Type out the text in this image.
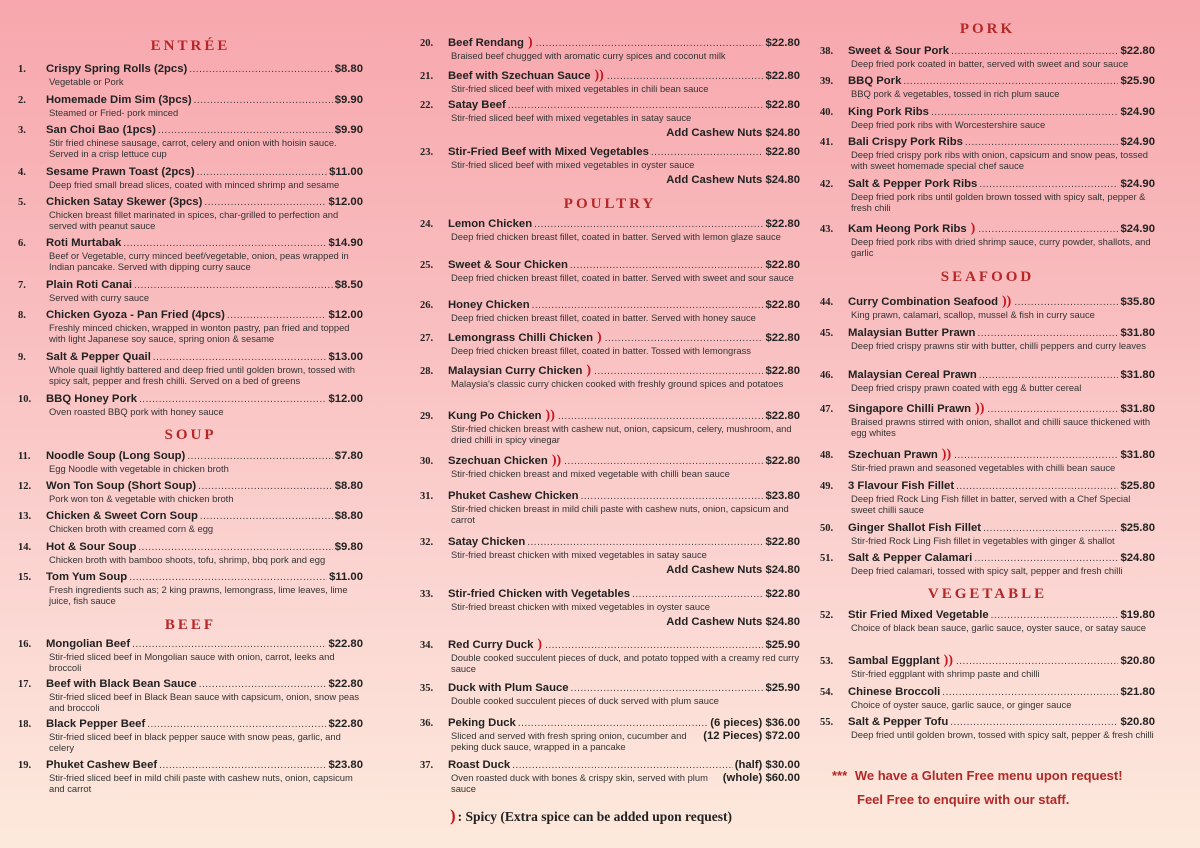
ENTRÉE
1.	Crispy Spring Rolls (2pcs) .....	$8.80
Vegetable or Pork
2.	Homemade Dim Sim (3pcs) .....	$9.90
Steamed or Fried- pork minced
3.	San Choi Bao (1pcs) .....	$9.90
Stir fried chinese sausage, carrot, celery and onion with hoisin sauce. Served in a crisp lettuce cup
4.	Sesame Prawn Toast (2pcs) .....	$11.00
Deep fried small bread slices, coated with minced shrimp and sesame
5.	Chicken Satay Skewer (3pcs) .....	$12.00
Chicken breast fillet marinated in spices, char-grilled to perfection and served with peanut sauce
6.	Roti Murtabak .....	$14.90
Beef or Vegetable, curry minced beef/vegetable, onion, peas wrapped in Indian pancake. Served with dipping curry sauce
7.	Plain Roti Canai .....	$8.50
Served with curry sauce
8.	Chicken Gyoza - Pan Fried (4pcs) .....	$12.00
Freshly minced chicken, wrapped in wonton pastry, pan fried and topped with light Japanese soy sauce, spring onion & sesame
9.	Salt & Pepper Quail .....	$13.00
Whole quail lightly battered and deep fried until golden brown, tossed with spicy salt, pepper and fresh chilli. Served on a bed of greens
10.	BBQ Honey Pork .....	$12.00
Oven roasted BBQ pork with honey sauce
SOUP
11.	Noodle Soup (Long Soup) .....	$7.80
Egg Noodle with vegetable in chicken broth
12.	Won Ton Soup (Short Soup) .....	$8.80
Pork won ton & vegetable with chicken broth
13.	Chicken & Sweet Corn Soup .....	$8.80
Chicken broth with creamed corn & egg
14.	Hot & Sour Soup .....	$9.80
Chicken broth with bamboo shoots, tofu, shrimp, bbq pork and egg
15.	Tom Yum Soup .....	$11.00
Fresh ingredients such as; 2 king prawns, lemongrass, lime leaves, lime juice, fish sauce
BEEF
16.	Mongolian Beef .....	$22.80
Stir-fried sliced beef in Mongolian sauce with onion, carrot, leeks and broccoli
17.	Beef with Black Bean Sauce .....	$22.80
Stir-fried sliced beef in Black Bean sauce with capsicum, onion, snow peas and broccoli
18.	Black Pepper Beef .....	$22.80
Stir-fried sliced beef in black pepper sauce with snow peas, garlic, and celery
19.	Phuket Cashew Beef .....	$23.80
Stir-fried sliced beef in mild chili paste with cashew nuts, onion, capsicum and carrot
20.	Beef Rendang ) .....	$22.80
Braised beef chugged with aromatic curry spices and coconut milk
21.	Beef with Szechuan Sauce )) .....	$22.80
Stir-fried sliced beef with mixed vegetables in chili bean sauce
22.	Satay Beef .....	$22.80
Stir-fried sliced beef with mixed vegetables in satay sauce
Add Cashew Nuts $24.80
23.	Stir-Fried Beef with Mixed Vegetables .....	$22.80
Stir-fried sliced beef with mixed vegetables in oyster sauce
Add Cashew Nuts $24.80
POULTRY
24.	Lemon Chicken .....	$22.80
Deep fried chicken breast fillet, coated in batter. Served with lemon glaze sauce
25.	Sweet & Sour Chicken .....	$22.80
Deep fried chicken breast fillet, coated in batter. Served with sweet and sour sauce
26.	Honey Chicken .....	$22.80
Deep fried chicken breast fillet, coated in batter. Served with honey sauce
27.	Lemongrass Chilli Chicken ) .....	$22.80
Deep fried chicken breast fillet, coated in batter. Tossed with lemongrass
28.	Malaysian Curry Chicken ) .....	$22.80
Malaysia's classic curry chicken cooked with freshly ground spices and potatoes
29.	Kung Po Chicken )) .....	$22.80
Stir-fried chicken breast with cashew nut, onion, capsicum, celery, mushroom, and dried chilli in spicy vinegar
30.	Szechuan Chicken )) .....	$22.80
Stir-fried chicken breast and mixed vegetable with chilli bean sauce
31.	Phuket Cashew Chicken .....	$23.80
Stir-fried chicken breast in mild chili paste with cashew nuts, onion, capsicum and carrot
32.	Satay Chicken .....	$22.80
Stir-fried breast chicken with mixed vegetables in satay sauce
Add Cashew Nuts $24.80
33.	Stir-fried Chicken with Vegetables .....	$22.80
Stir-fried breast chicken with mixed vegetables in oyster sauce
Add Cashew Nuts $24.80
34.	Red Curry Duck ) .....	$25.90
Double cooked succulent pieces of duck, and potato topped with a creamy red curry sauce
35.	Duck with Plum Sauce .....	$25.90
Double cooked succulent pieces of duck served with plum sauce
36.	Peking Duck .....	(6 pieces) $36.00
Sliced and served with fresh spring onion, cucumber and peking duck sauce, wrapped in a pancake
(12 Pieces) $72.00
37.	Roast Duck .....	(half) $30.00
Oven roasted duck with bones & crispy skin, served with plum sauce
(whole) $60.00
) : Spicy (Extra spice can be added upon request)
PORK
38.	Sweet & Sour Pork .....	$22.80
Deep fried pork coated in batter, served with sweet and sour sauce
39.	BBQ Pork .....	$25.90
BBQ pork & vegetables, tossed in rich plum sauce
40.	King Pork Ribs .....	$24.90
Deep fried pork ribs with Worcestershire sauce
41.	Bali Crispy Pork Ribs .....	$24.90
Deep fried crispy pork ribs with onion, capsicum and snow peas, tossed with sweet homemade special chef sauce
42.	Salt & Pepper Pork Ribs .....	$24.90
Deep fried pork ribs until golden brown tossed with spicy salt, pepper & fresh chili
43.	Kam Heong Pork Ribs ) .....	$24.90
Deep fried pork ribs with dried shrimp sauce, curry powder, shallots, and garlic
SEAFOOD
44.	Curry Combination Seafood )) .....	$35.80
King prawn, calamari, scallop, mussel & fish in curry sauce
45.	Malaysian Butter Prawn .....	$31.80
Deep fried crispy prawns stir with butter, chilli peppers and curry leaves
46.	Malaysian Cereal Prawn .....	$31.80
Deep fried crispy prawn coated with egg & butter cereal
47.	Singapore Chilli Prawn )) .....	$31.80
Braised prawns stirred with onion, shallot and chilli sauce thickened with egg whites
48.	Szechuan Prawn )) .....	$31.80
Stir-fried prawn and seasoned vegetables with chilli bean sauce
49.	3 Flavour Fish Fillet .....	$25.80
Deep fried Rock Ling Fish fillet in batter, served with a Chef Special sweet chilli sauce
50.	Ginger Shallot Fish Fillet .....	$25.80
Stir-fried Rock Ling Fish fillet in vegetables with ginger & shallot
51.	Salt & Pepper Calamari .....	$24.80
Deep fried calamari, tossed with spicy salt, pepper and fresh chilli
VEGETABLE
52.	Stir Fried Mixed Vegetable .....	$19.80
Choice of black bean sauce, garlic sauce, oyster sauce, or satay sauce
53.	Sambal Eggplant )) .....	$20.80
Stir-fried eggplant with shrimp paste and chilli
54.	Chinese Broccoli .....	$21.80
Choice of oyster sauce, garlic sauce, or ginger sauce
55.	Salt & Pepper Tofu .....	$20.80
Deep fried until golden brown, tossed with spicy salt, pepper & fresh chilli
*** We have a Gluten Free menu upon request!
Feel Free to enquire with our staff.
